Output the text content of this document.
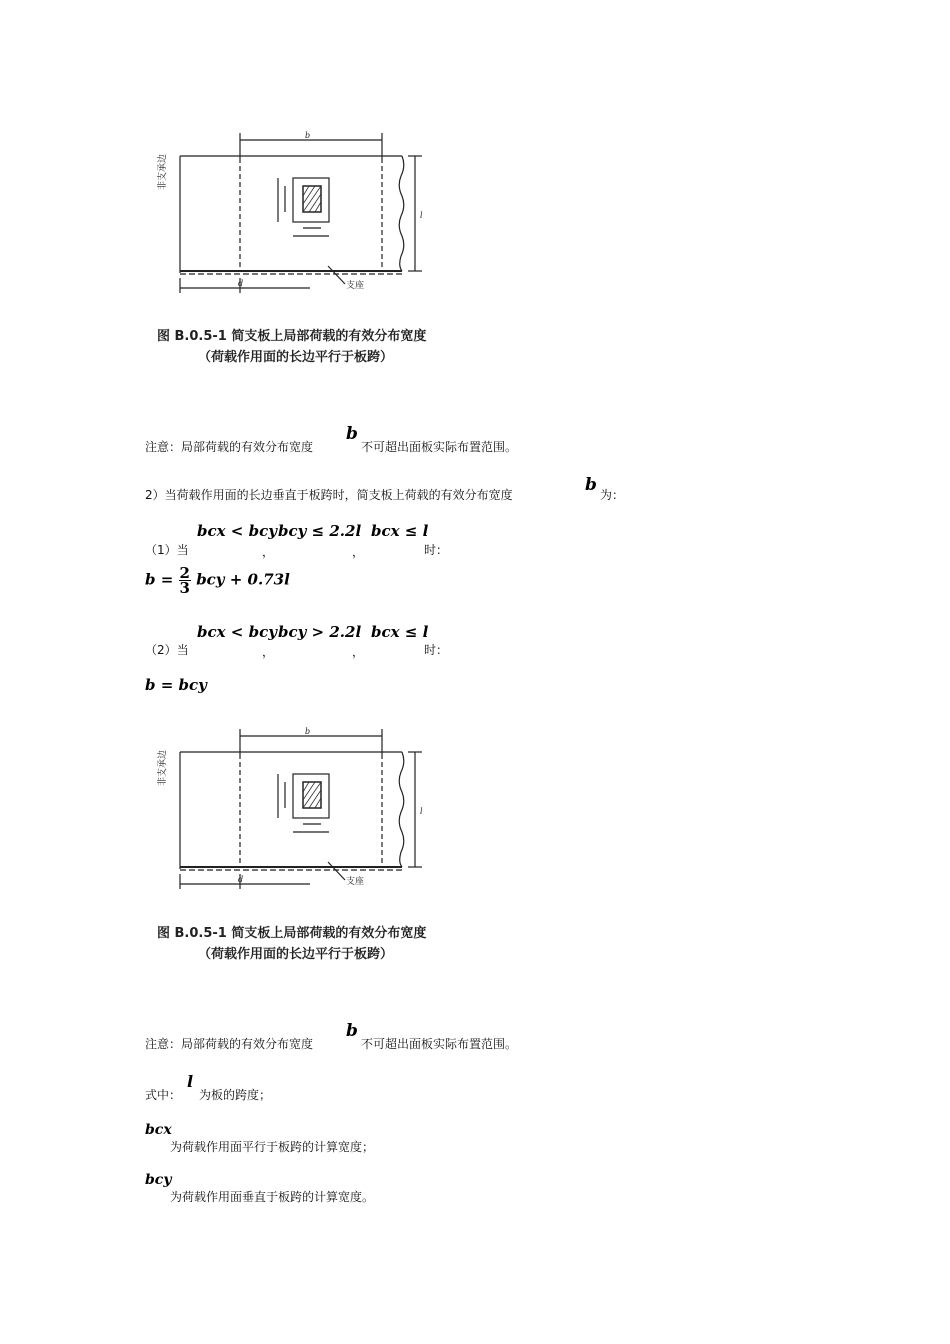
b
l
d
非支承边
支座
图 B.0.5-1 简支板上局部荷载的有效分布宽度
（荷载作用面的长边平行于板跨）
注意：局部荷载的有效分布宽度
b
不可超出面板实际布置范围。
2）当荷载作用面的长边垂直于板跨时，简支板上荷载的有效分布宽度	b 为：
（1）当
bcx < bcy
，
bcy ≤ 2.2l
，
bcx ≤ l
时：
$b = \frac{2}{3}$ bcy + 0.73l
（2）当
bcx < bcy
，
bcy > 2.2l
，
bcx ≤ l
时：
b = bcy
b
l
d
非支承边
支座
图 B.0.5-1 简支板上局部荷载的有效分布宽度
（荷载作用面的长边平行于板跨）
注意：局部荷载的有效分布宽度
b
不可超出面板实际布置范围。
式中：
l
为板的跨度；
bcx
为荷载作用面平行于板跨的计算宽度；
bcy
为荷载作用面垂直于板跨的计算宽度。
